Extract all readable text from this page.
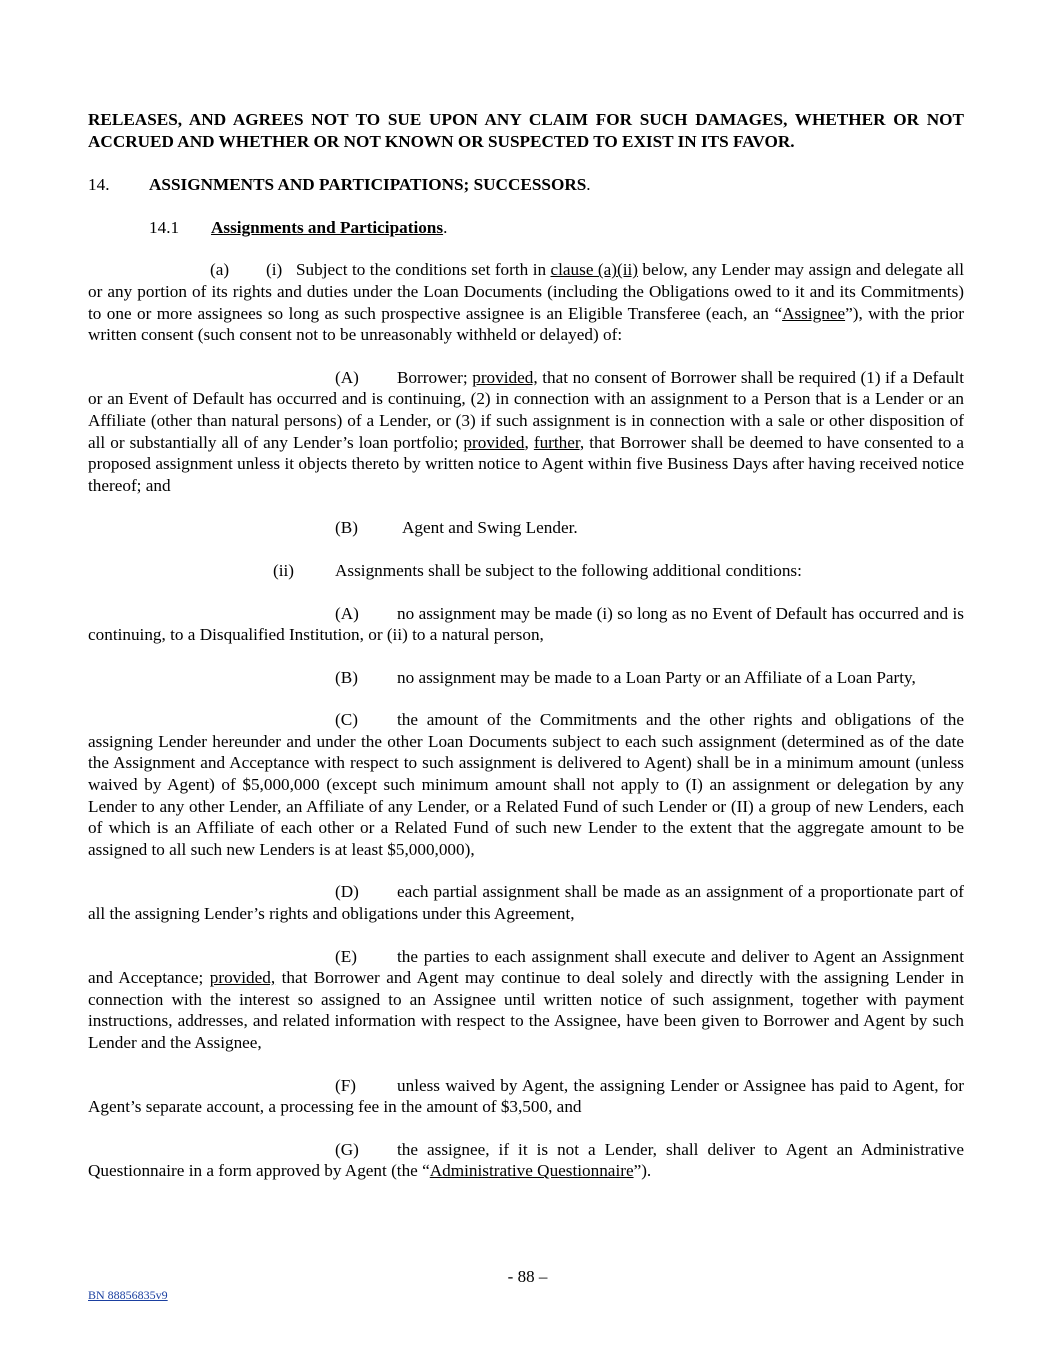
RELEASES, AND AGREES NOT TO SUE UPON ANY CLAIM FOR SUCH DAMAGES, WHETHER OR NOT ACCRUED AND WHETHER OR NOT KNOWN OR SUSPECTED TO EXIST IN ITS FAVOR.

14. ASSIGNMENTS AND PARTICIPATIONS; SUCCESSORS.

14.1 Assignments and Participations.

(a) (i) Subject to the conditions set forth in clause (a)(ii) below, any Lender may assign and delegate all or any portion of its rights and duties under the Loan Documents (including the Obligations owed to it and its Commitments) to one or more assignees so long as such prospective assignee is an Eligible Transferee (each, an “Assignee”), with the prior written consent (such consent not to be unreasonably withheld or delayed) of:

(A) Borrower; provided, that no consent of Borrower shall be required (1) if a Default or an Event of Default has occurred and is continuing, (2) in connection with an assignment to a Person that is a Lender or an Affiliate (other than natural persons) of a Lender, or (3) if such assignment is in connection with a sale or other disposition of all or substantially all of any Lender’s loan portfolio; provided, further, that Borrower shall be deemed to have consented to a proposed assignment unless it objects thereto by written notice to Agent within five Business Days after having received notice thereof; and

(B)	Agent and Swing Lender.

(ii) Assignments shall be subject to the following additional conditions:

(A) no assignment may be made (i) so long as no Event of Default has occurred and is continuing, to a Disqualified Institution, or (ii) to a natural person,

(B) no assignment may be made to a Loan Party or an Affiliate of a Loan Party,

(C) the amount of the Commitments and the other rights and obligations of the assigning Lender hereunder and under the other Loan Documents subject to each such assignment (determined as of the date the Assignment and Acceptance with respect to such assignment is delivered to Agent) shall be in a minimum amount (unless waived by Agent) of $5,000,000 (except such minimum amount shall not apply to (I) an assignment or delegation by any Lender to any other Lender, an Affiliate of any Lender, or a Related Fund of such Lender or (II) a group of new Lenders, each of which is an Affiliate of each other or a Related Fund of such new Lender to the extent that the aggregate amount to be assigned to all such new Lenders is at least $5,000,000),

(D) each partial assignment shall be made as an assignment of a proportionate part of all the assigning Lender’s rights and obligations under this Agreement,

(E) the parties to each assignment shall execute and deliver to Agent an Assignment and Acceptance; provided, that Borrower and Agent may continue to deal solely and directly with the assigning Lender in connection with the interest so assigned to an Assignee until written notice of such assignment, together with payment instructions, addresses, and related information with respect to the Assignee, have been given to Borrower and Agent by such Lender and the Assignee,

(F) unless waived by Agent, the assigning Lender or Assignee has paid to Agent, for Agent’s separate account, a processing fee in the amount of $3,500, and

(G) the assignee, if it is not a Lender, shall deliver to Agent an Administrative Questionnaire in a form approved by Agent (the “Administrative Questionnaire”).

- 88 –
BN 88856835v9
